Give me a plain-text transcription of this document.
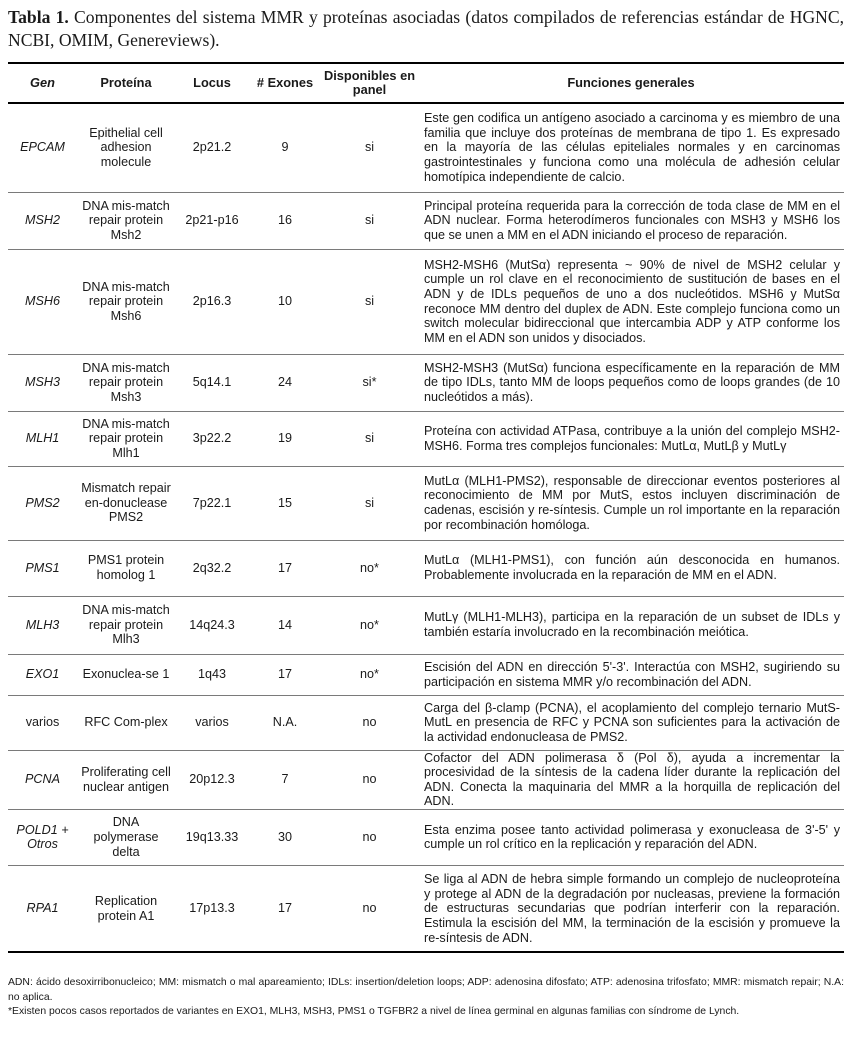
Tabla 1. Componentes del sistema MMR y proteínas asociadas (datos compilados de referencias estándar de HGNC, NCBI, OMIM, Genereviews).
Gen	Proteína	Locus	# Exones	Disponibles en panel	Funciones generales
EPCAM	Epithelial cell adhesion molecule	2p21.2	9	si	Este gen codifica un antígeno asociado a carcinoma y es miembro de una familia que incluye dos proteínas de membrana de tipo 1. Es expresado en la mayoría de las células epiteliales normales y en carcinomas gastrointestinales y funciona como una molécula de adhesión celular homotípica independiente de calcio.
MSH2	DNA mis-match repair protein Msh2	2p21-p16	16	si	Principal proteína requerida para la corrección de toda clase de MM en el ADN nuclear. Forma heterodímeros funcionales con MSH3 y MSH6 los que se unen a MM en el ADN iniciando el proceso de reparación.
MSH6	DNA mis-match repair protein Msh6	2p16.3	10	si	MSH2-MSH6 (MutSα) representa ~ 90% de nivel de MSH2 celular y cumple un rol clave en el reconocimiento de sustitución de bases en el ADN y de IDLs pequeños de uno a dos nucleótidos. MSH6 y MutSα reconoce MM dentro del duplex de ADN. Este complejo funciona como un switch molecular bidireccional que intercambia ADP y ATP conforme los MM en el ADN son unidos y disociados.
MSH3	DNA mis-match repair protein Msh3	5q14.1	24	si*	MSH2-MSH3 (MutSα) funciona específicamente en la reparación de MM de tipo IDLs, tanto MM de loops pequeños como de loops grandes (de 10 nucleótidos a más).
MLH1	DNA mis-match repair protein Mlh1	3p22.2	19	si	Proteína con actividad ATPasa, contribuye a la unión del complejo MSH2-MSH6. Forma tres complejos funcionales: MutLα, MutLβ y MutLγ
PMS2	Mismatch repair en-donuclease PMS2	7p22.1	15	si	MutLα (MLH1-PMS2), responsable de direccionar eventos posteriores al reconocimiento de MM por MutS, estos incluyen discriminación de cadenas, escisión y re-síntesis. Cumple un rol importante en la reparación por recombinación homóloga.
PMS1	PMS1 protein homolog 1	2q32.2	17	no*	MutLα (MLH1-PMS1), con función aún desconocida en humanos. Probablemente involucrada en la reparación de MM en el ADN.
MLH3	DNA mis-match repair protein Mlh3	14q24.3	14	no*	MutLγ (MLH1-MLH3), participa en la reparación de un subset de IDLs y también estaría involucrado en la recombinación meiótica.
EXO1	Exonuclea-se 1	1q43	17	no*	Escisión del ADN en dirección 5'-3'. Interactúa con MSH2, sugiriendo su participación en sistema MMR y/o recombinación del ADN.
varios	RFC Com-plex	varios	N.A.	no	Carga del β-clamp (PCNA), el acoplamiento del complejo ternario MutS-MutL en presencia de RFC y PCNA son suficientes para la activación de la actividad endonucleasa de PMS2.
PCNA	Proliferating cell nuclear antigen	20p12.3	7	no	Cofactor del ADN polimerasa δ (Pol δ), ayuda a incrementar la procesividad de la síntesis de la cadena líder durante la replicación del ADN. Conecta la maquinaria del MMR a la horquilla de replicación del ADN.
POLD1 + Otros	DNA polymerase delta	19q13.33	30	no	Esta enzima posee tanto actividad polimerasa y exonucleasa de 3'-5' y cumple un rol crítico en la replicación y reparación del ADN.
RPA1	Replication protein A1	17p13.3	17	no	Se liga al ADN de hebra simple formando un complejo de nucleoproteína y protege al ADN de la degradación por nucleasas, previene la formación de estructuras secundarias que podrían interferir con la reparación. Estimula la escisión del MM, la terminación de la escisión y promueve la re-síntesis de ADN.

ADN: ácido desoxirribonucleico; MM: mismatch o mal apareamiento; IDLs: insertion/deletion loops; ADP: adenosina difosfato; ATP: adenosina trifosfato; MMR: mismatch repair; N.A: no aplica.

*Existen pocos casos reportados de variantes en EXO1, MLH3, MSH3, PMS1 o TGFBR2 a nivel de línea germinal en algunas familias con síndrome de Lynch.
